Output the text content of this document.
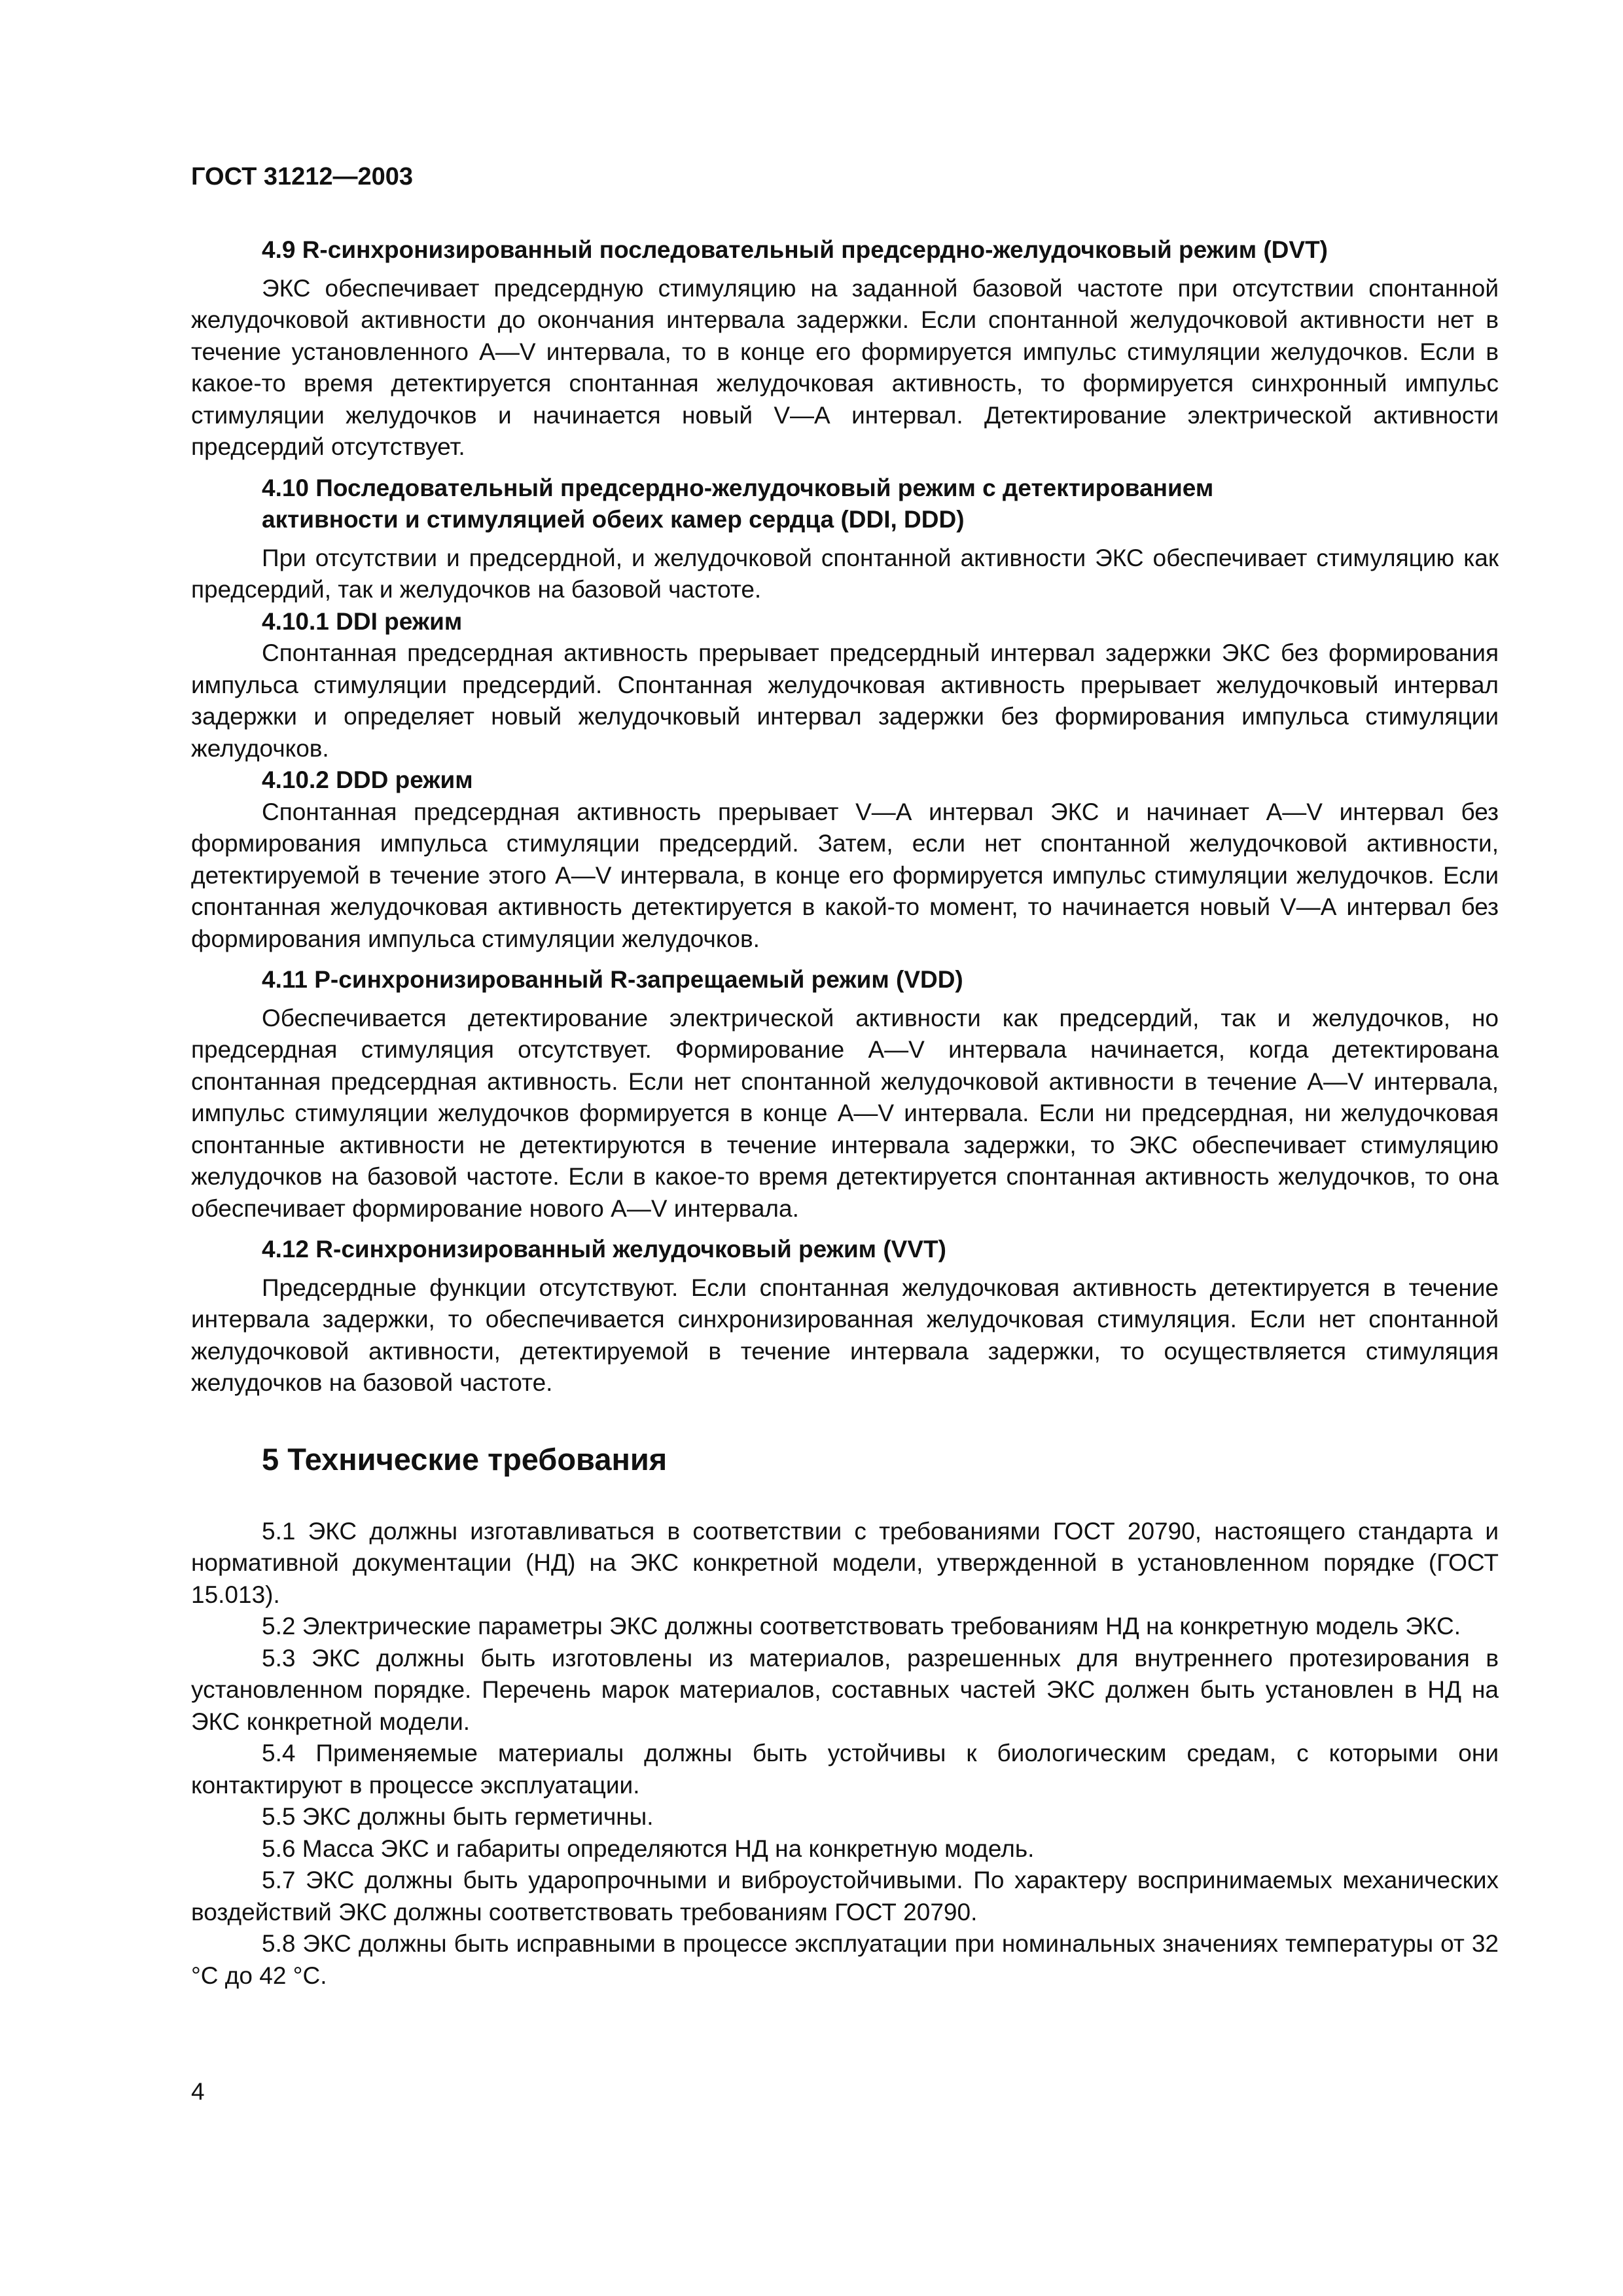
ГОСТ 31212—2003

4.9 R-синхронизированный последовательный предсердно-желудочковый режим (DVT)

ЭКС обеспечивает предсердную стимуляцию на заданной базовой частоте при отсутствии спонтанной желудочковой активности до окончания интервала задержки. Если спонтанной желудочковой активности нет в течение установленного А—V интервала, то в конце его формируется импульс стимуляции желудочков. Если в какое-то время детектируется спонтанная желудочковая активность, то формируется синхронный импульс стимуляции желудочков и начинается новый V—А интервал. Детектирование электрической активности предсердий отсутствует.

4.10 Последовательный предсердно-желудочковый режим с детектированием
активности и стимуляцией обеих камер сердца (DDI, DDD)

При отсутствии и предсердной, и желудочковой спонтанной активности ЭКС обеспечивает стимуляцию как предсердий, так и желудочков на базовой частоте.

4.10.1 DDI режим

Спонтанная предсердная активность прерывает предсердный интервал задержки ЭКС без формирования импульса стимуляции предсердий. Спонтанная желудочковая активность прерывает желудочковый интервал задержки и определяет новый желудочковый интервал задержки без формирования импульса стимуляции желудочков.

4.10.2 DDD режим

Спонтанная предсердная активность прерывает V—А интервал ЭКС и начинает А—V интервал без формирования импульса стимуляции предсердий. Затем, если нет спонтанной желудочковой активности, детектируемой в течение этого А—V интервала, в конце его формируется импульс стимуляции желудочков. Если спонтанная желудочковая активность детектируется в какой-то момент, то начинается новый V—А интервал без формирования импульса стимуляции желудочков.

4.11 Р-синхронизированный R-запрещаемый режим (VDD)

Обеспечивается детектирование электрической активности как предсердий, так и желудочков, но предсердная стимуляция отсутствует. Формирование А—V интервала начинается, когда детектирована спонтанная предсердная активность. Если нет спонтанной желудочковой активности в течение А—V интервала, импульс стимуляции желудочков формируется в конце А—V интервала. Если ни предсердная, ни желудочковая спонтанные активности не детектируются в течение интервала задержки, то ЭКС обеспечивает стимуляцию желудочков на базовой частоте. Если в какое-то время детектируется спонтанная активность желудочков, то она обеспечивает формирование нового А—V интервала.

4.12 R-синхронизированный желудочковый режим (VVT)

Предсердные функции отсутствуют. Если спонтанная желудочковая активность детектируется в течение интервала задержки, то обеспечивается синхронизированная желудочковая стимуляция. Если нет спонтанной желудочковой активности, детектируемой в течение интервала задержки, то осуществляется стимуляция желудочков на базовой частоте.

5 Технические требования

5.1 ЭКС должны изготавливаться в соответствии с требованиями ГОСТ 20790, настоящего стандарта и нормативной документации (НД) на ЭКС конкретной модели, утвержденной в установленном порядке (ГОСТ 15.013).

5.2 Электрические параметры ЭКС должны соответствовать требованиям НД на конкретную модель ЭКС.

5.3 ЭКС должны быть изготовлены из материалов, разрешенных для внутреннего протезирования в установленном порядке. Перечень марок материалов, составных частей ЭКС должен быть установлен в НД на ЭКС конкретной модели.

5.4 Применяемые материалы должны быть устойчивы к биологическим средам, с которыми они контактируют в процессе эксплуатации.

5.5 ЭКС должны быть герметичны.

5.6 Масса ЭКС и габариты определяются НД на конкретную модель.

5.7 ЭКС должны быть ударопрочными и виброустойчивыми. По характеру воспринимаемых механических воздействий ЭКС должны соответствовать требованиям ГОСТ 20790.

5.8 ЭКС должны быть исправными в процессе эксплуатации при номинальных значениях температуры от 32 °С до 42 °С.

4
